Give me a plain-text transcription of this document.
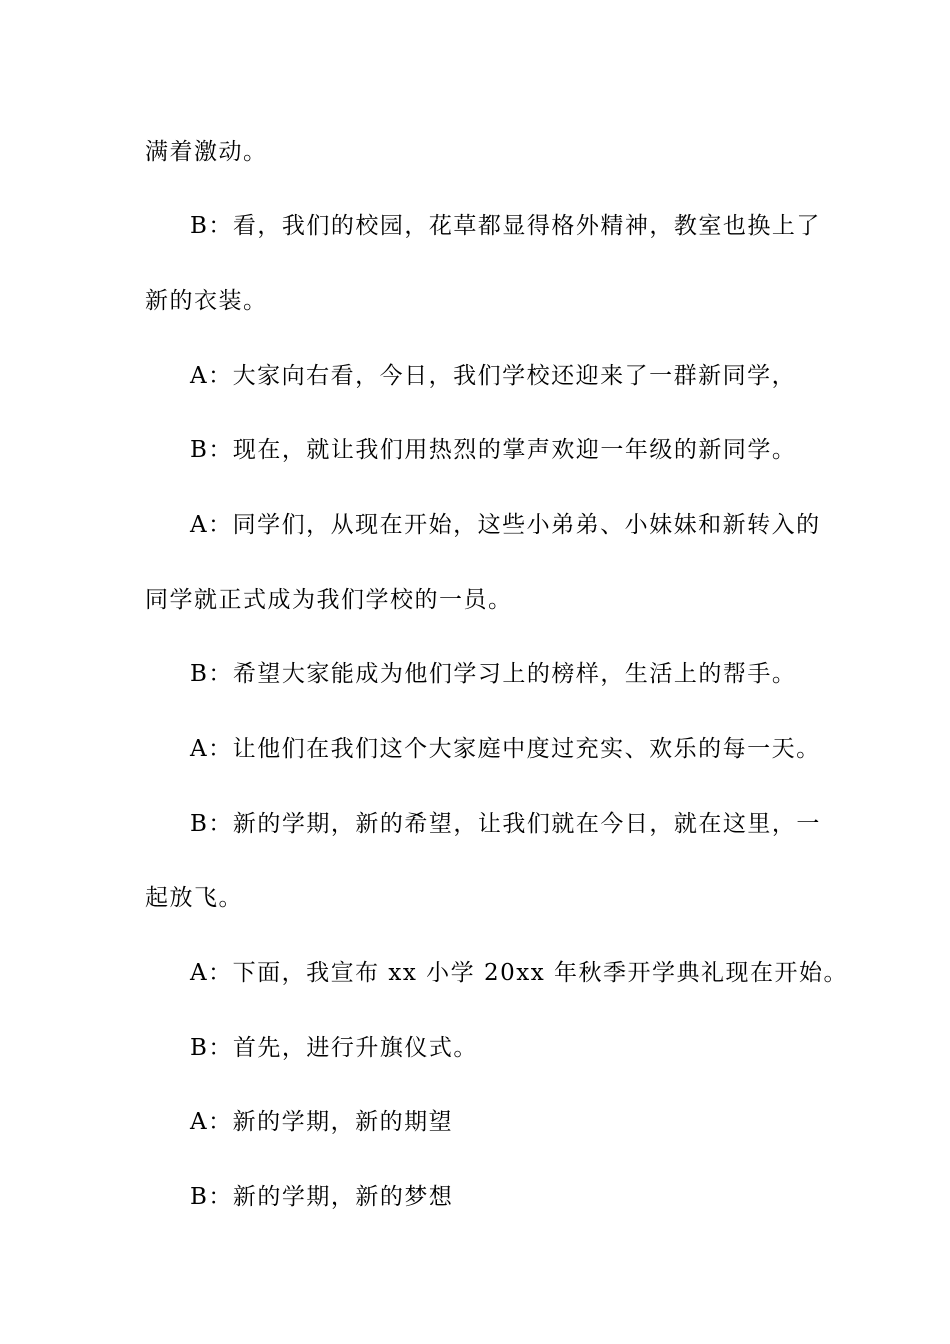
满着激动。
B：看，我们的校园，花草都显得格外精神，教室也换上了
新的衣装。
A：大家向右看，今日，我们学校还迎来了一群新同学，
B：现在，就让我们用热烈的掌声欢迎一年级的新同学。
A：同学们，从现在开始，这些小弟弟、小妹妹和新转入的
同学就正式成为我们学校的一员。
B：希望大家能成为他们学习上的榜样，生活上的帮手。
A：让他们在我们这个大家庭中度过充实、欢乐的每一天。
B：新的学期，新的希望，让我们就在今日，就在这里，一
起放飞。
A：下面，我宣布 xx 小学 20xx 年秋季开学典礼现在开始。
B：首先，进行升旗仪式。
A：新的学期，新的期望
B：新的学期，新的梦想
